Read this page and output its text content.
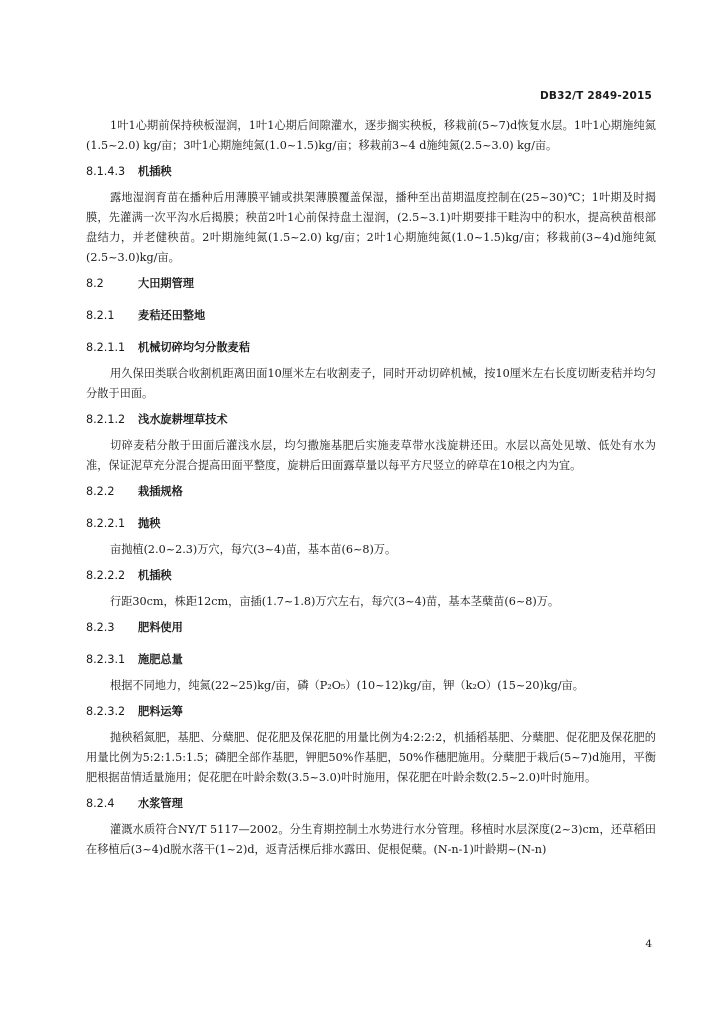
DB32/T 2849-2015

1叶1心期前保持秧板湿润，1叶1心期后间隙灌水，逐步搁实秧板，移栽前(5~7)d恢复水层。1叶1心期施纯氮(1.5~2.0) kg/亩；3叶1心期施纯氮(1.0~1.5)kg/亩；移栽前3~4 d施纯氮(2.5~3.0) kg/亩。

8.1.4.3 机插秧

露地湿润育苗在播种后用薄膜平铺或拱架薄膜覆盖保湿，播种至出苗期温度控制在(25~30)℃；1叶期及时揭膜，先灌满一次平沟水后揭膜；秧苗2叶1心前保持盘土湿润，(2.5~3.1)叶期要排干畦沟中的积水，提高秧苗根部盘结力，并老健秧苗。2叶期施纯氮(1.5~2.0) kg/亩；2叶1心期施纯氮(1.0~1.5)kg/亩；移栽前(3~4)d施纯氮(2.5~3.0)kg/亩。

8.2	大田期管理

8.2.1 麦秸还田整地

8.2.1.1 机械切碎均匀分散麦秸

用久保田类联合收割机距离田面10厘米左右收割麦子，同时开动切碎机械，按10厘米左右长度切断麦秸并均匀分散于田面。

8.2.1.2 浅水旋耕埋草技术

切碎麦秸分散于田面后灌浅水层，均匀撒施基肥后实施麦草带水浅旋耕还田。水层以高处见墩、低处有水为准，保证泥草充分混合提高田面平整度，旋耕后田面露草量以每平方尺竖立的碎草在10根之内为宜。

8.2.2 栽插规格

8.2.2.1 抛秧

亩抛植(2.0~2.3)万穴，每穴(3~4)苗，基本苗(6~8)万。

8.2.2.2 机插秧

行距30cm，株距12cm，亩插(1.7~1.8)万穴左右，每穴(3~4)苗，基本茎蘖苗(6~8)万。

8.2.3 肥料使用

8.2.3.1 施肥总量

根据不同地力，纯氮(22~25)kg/亩，磷（P₂O₅）(10~12)kg/亩，钾（k₂O）(15~20)kg/亩。

8.2.3.2 肥料运筹

抛秧稻氮肥，基肥、分蘖肥、促花肥及保花肥的用量比例为4:2:2:2，机插稻基肥、分蘖肥、促花肥及保花肥的用量比例为5:2:1.5:1.5；磷肥全部作基肥，钾肥50%作基肥，50%作穗肥施用。分蘖肥于栽后(5~7)d施用，平衡肥根据苗情适量施用；促花肥在叶龄余数(3.5~3.0)叶时施用，保花肥在叶龄余数(2.5~2.0)叶时施用。

8.2.4 水浆管理

灌溉水质符合NY/T 5117—2002。分生育期控制土水势进行水分管理。移植时水层深度(2~3)cm，还草稻田在移植后(3~4)d脱水落干(1~2)d，返青活棵后排水露田、促根促蘖。(N-n-1)叶龄期~(N-n)

4
